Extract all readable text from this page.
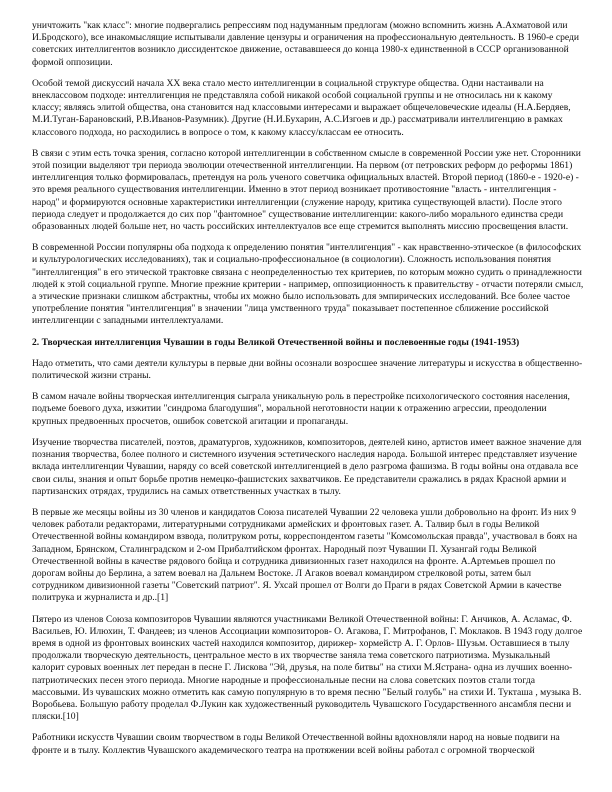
уничтожить "как класс": многие подвергались репрессиям под надуманным предлогам (можно вспомнить жизнь А.Ахматовой или И.Бродского), все инакомыслящие испытывали давление цензуры и ограничения на профессиональную деятельность. В 1960-е среди советских интеллигентов возникло диссидентское движение, остававшееся до конца 1980-х единственной в СССР организованной формой оппозиции.

Особой темой дискуссий начала XX века стало место интеллигенции в социальной структуре общества. Одни настаивали на внеклассовом подходе: интеллигенция не представляла собой никакой особой социальной группы и не относилась ни к какому классу; являясь элитой общества, она становится над классовыми интересами и выражает общечеловеческие идеалы (Н.А.Бердяев, М.И.Туган-Барановский, Р.В.Иванов-Разумник). Другие (Н.И.Бухарин, А.С.Изгоев и др.) рассматривали интеллигенцию в рамках классового подхода, но расходились в вопросе о том, к какому классу/классам ее относить.

В связи с этим есть точка зрения, согласно которой интеллигенции в собственном смысле в современной России уже нет. Сторонники этой позиции выделяют три периода эволюции отечественной интеллигенции. На первом (от петровских реформ до реформы 1861) интеллигенция только формировалась, претендуя на роль ученого советчика официальных властей. Второй период (1860-е - 1920-е) - это время реального существования интеллигенции. Именно в этот период возникает противостояние "власть - интеллигенция - народ" и формируются основные характеристики интеллигенции (служение народу, критика существующей власти). После этого периода следует и продолжается до сих пор "фантомное" существование интеллигенции: какого-либо морального единства среди образованных людей больше нет, но часть российских интеллектуалов все еще стремится выполнять миссию просвещения власти.

В современной России популярны оба подхода к определению понятия "интеллигенция" - как нравственно-этическое (в философских и культурологических исследованиях), так и социально-профессиональное (в социологии). Сложность использования понятия "интеллигенция" в его этической трактовке связана с неопределенностью тех критериев, по которым можно судить о принадлежности людей к этой социальной группе. Многие прежние критерии - например, оппозиционность к правительству - отчасти потеряли смысл, а этические признаки слишком абстрактны, чтобы их можно было использовать для эмпирических исследований. Все более частое употребление понятия "интеллигенция" в значении "лица умственного труда" показывает постепенное сближение российской интеллигенции с западными интеллектуалами.

2. Творческая интеллигенция Чувашии в годы Великой Отечественной войны и послевоенные годы (1941-1953)

Надо отметить, что сами деятели культуры в первые дни войны осознали возросшее значение литературы и искусства в общественно-политической жизни страны.

В самом начале войны творческая интеллигенция сыграла уникальную роль в перестройке психологического состояния населения, подъеме боевого духа, изжитии "синдрома благодушия", моральной неготовности нации к отражению агрессии, преодолении крупных предвоенных просчетов, ошибок советской агитации и пропаганды.

Изучение творчества писателей, поэтов, драматургов, художников, композиторов, деятелей кино, артистов имеет важное значение для познания творчества, более полного и системного изучения эстетического наследия народа. Большой интерес представляет изучение вклада интеллигенции Чувашии, наряду со всей советской интеллигенцией в дело разгрома фашизма. В годы войны она отдавала все свои силы, знания и опыт борьбе против немецко-фашистских захватчиков. Ее представители сражались в рядах Красной армии и партизанских отрядах, трудились на самых ответственных участках в тылу.

В первые же месяцы войны из 30 членов и кандидатов Союза писателей Чувашии 22 человека ушли добровольно на фронт. Из них 9 человек работали редакторами, литературными сотрудниками армейских и фронтовых газет. А. Талвир был в годы Великой Отечественной войны командиром взвода, политруком роты, корреспондентом газеты "Комсомольская правда", участвовал в боях на Западном, Брянском, Сталинградском и 2-ом Прибалтийском фронтах. Народный поэт Чувашии П. Хузангай годы Великой Отечественной войны в качестве рядового бойца и сотрудника дивизионных газет находился на фронте. А.Артемьев прошел по дорогам войны до Берлина, а затем воевал на Дальнем Востоке. Л Агаков воевал командиром стрелковой роты, затем был сотрудником дивизионной газеты "Советский патриот". Я. Ухсай прошел от Волги до Праги в рядах Советской Армии в качестве политрука и журналиста и др..[1]

Пятеро из членов Союза композиторов Чувашии являются участниками Великой Отечественной войны: Г. Анчиков, А. Асламас, Ф. Васильев, Ю. Илюхин, Т. Фандеев; из членов Ассоциации композиторов- О. Агакова, Г. Митрофанов, Г. Моклаков. В 1943 году долгое время в одной из фронтовых воинских частей находился композитор, дирижер- хормейстр А. Г. Орлов- Шузьм. Оставшиеся в тылу продолжали творческую деятельность, центральное место в их творчестве заняла тема советского патриотизма. Музыкальный калорит суровых военных лет передан в песне Г. Лискова "Эй, друзья, на поле битвы" на стихи М.Ястрана- одна из лучших военно- патриотических песен этого периода. Многие народные и профессиональные песни на слова советских поэтов стали тогда массовыми. Из чувашских можно отметить как самую популярную в то время песню "Белый голубь" на стихи И. Тукташа , музыка В. Воробьева. Большую работу проделал Ф.Лукин как художественный руководитель Чувашского Государственного ансамбля песни и пляски.[10]

Работники искусств Чувашии своим творчеством в годы Великой Отечественной войны вдохновляли народ на новые подвиги на фронте и в тылу. Коллектив Чувашского академического театра на протяжении всей войны работал с огромной творческой
